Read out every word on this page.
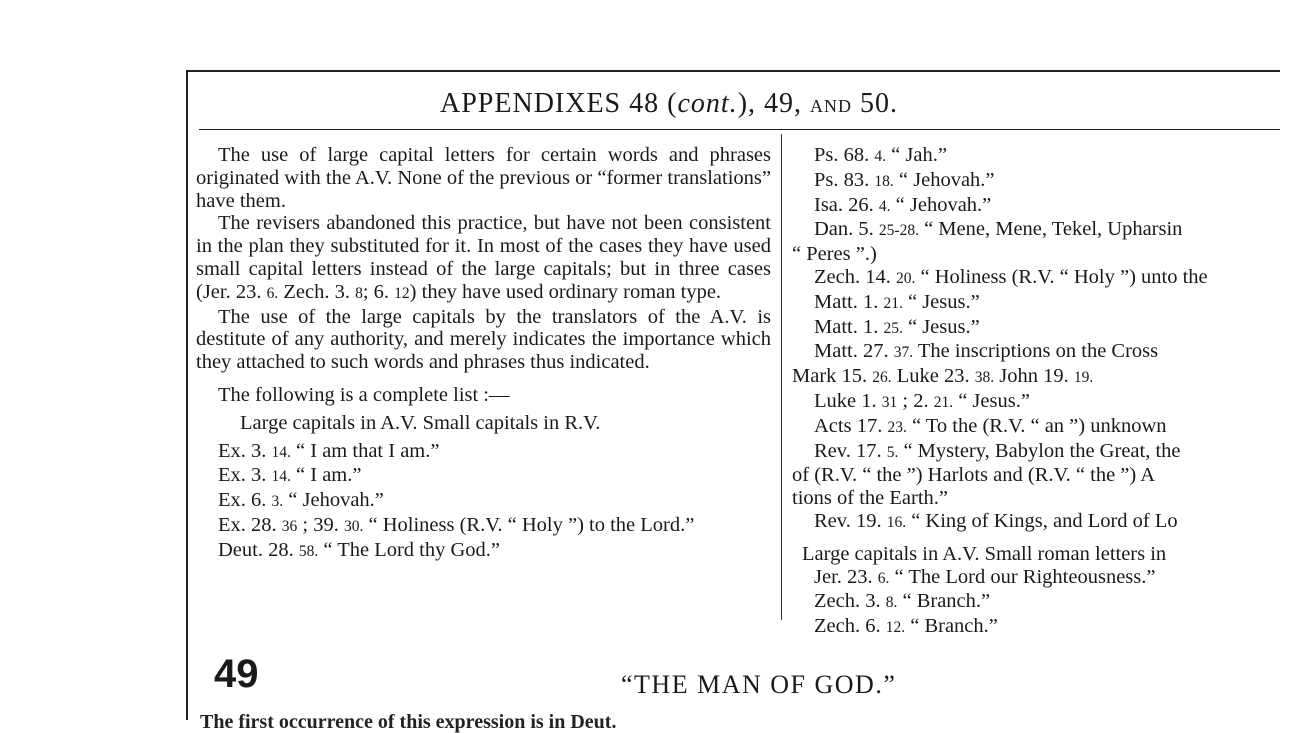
APPENDIXES 48 (cont.), 49, and 50.
The use of large capital letters for certain words and phrases originated with the A.V. None of the previous or “former translations” have them.
The revisers abandoned this practice, but have not been consistent in the plan they substituted for it. In most of the cases they have used small capital letters instead of the large capitals; but in three cases (Jer. 23. 6. Zech. 3. 8; 6. 12) they have used ordinary roman type.
The use of the large capitals by the translators of the A.V. is destitute of any authority, and merely indicates the importance which they attached to such words and phrases thus indicated.
The following is a complete list :—
Large capitals in A.V. Small capitals in R.V.
Ex. 3. 14. “ I am that I am.”
Ex. 3. 14. “ I am.”
Ex. 6. 3. “ Jehovah.”
Ex. 28. 36 ; 39. 30. “ Holiness (R.V. “ Holy ”) to the Lord.”
Deut. 28. 58. “ The Lord thy God.”
Ps. 68. 4. “ Jah.”
Ps. 83. 18. “ Jehovah.”
Isa. 26. 4. “ Jehovah.”
Dan. 5. 25-28. “ Mene, Mene, Tekel, Upharsin
“ Peres ”.)
Zech. 14. 20. “ Holiness (R.V. “ Holy ”) unto the
Matt. 1. 21. “ Jesus.”
Matt. 1. 25. “ Jesus.”
Matt. 27. 37. The inscriptions on the Cross
Mark 15. 26. Luke 23. 38. John 19. 19.
Luke 1. 31 ; 2. 21. “ Jesus.”
Acts 17. 23. “ To the (R.V. “ an ”) unknown
Rev. 17. 5. “ Mystery, Babylon the Great, the
of (R.V. “ the ”) Harlots and (R.V. “ the ”) A
tions of the Earth.”
Rev. 19. 16. “ King of Kings, and Lord of Lo
Large capitals in A.V. Small roman letters in
Jer. 23. 6. “ The Lord our Righteousness.”
Zech. 3. 8. “ Branch.”
Zech. 6. 12. “ Branch.”
49	“THE MAN OF GOD.”
The first occurrence of this expression is in Deut.
